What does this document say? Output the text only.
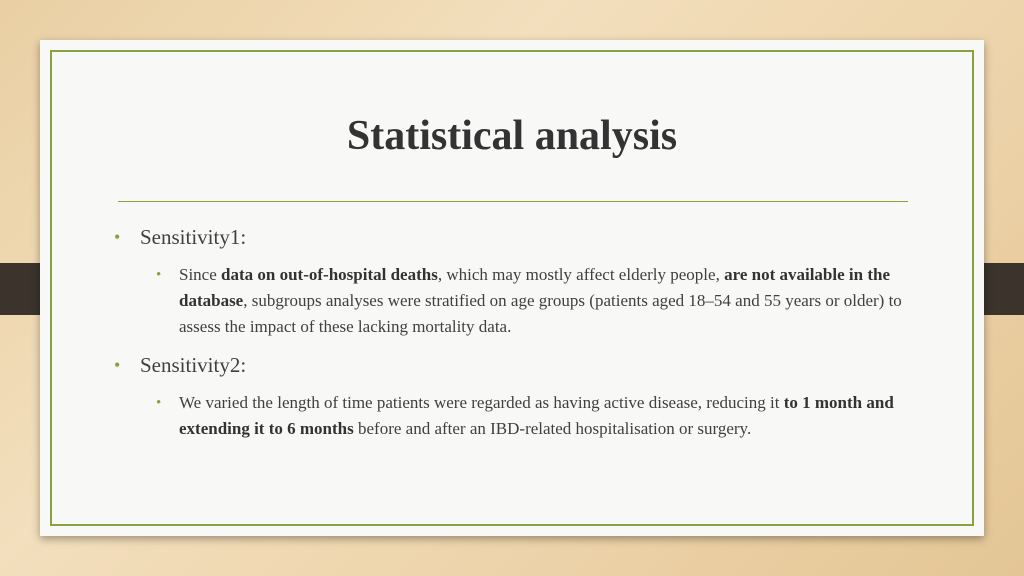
Statistical analysis
• Sensitivity1:
• Since data on out-of-hospital deaths, which may mostly affect elderly people, are not available in the database, subgroups analyses were stratified on age groups (patients aged 18–54 and 55 years or older) to assess the impact of these lacking mortality data.
• Sensitivity2:
• We varied the length of time patients were regarded as having active disease, reducing it to 1 month and extending it to 6 months before and after an IBD-related hospitalisation or surgery.
